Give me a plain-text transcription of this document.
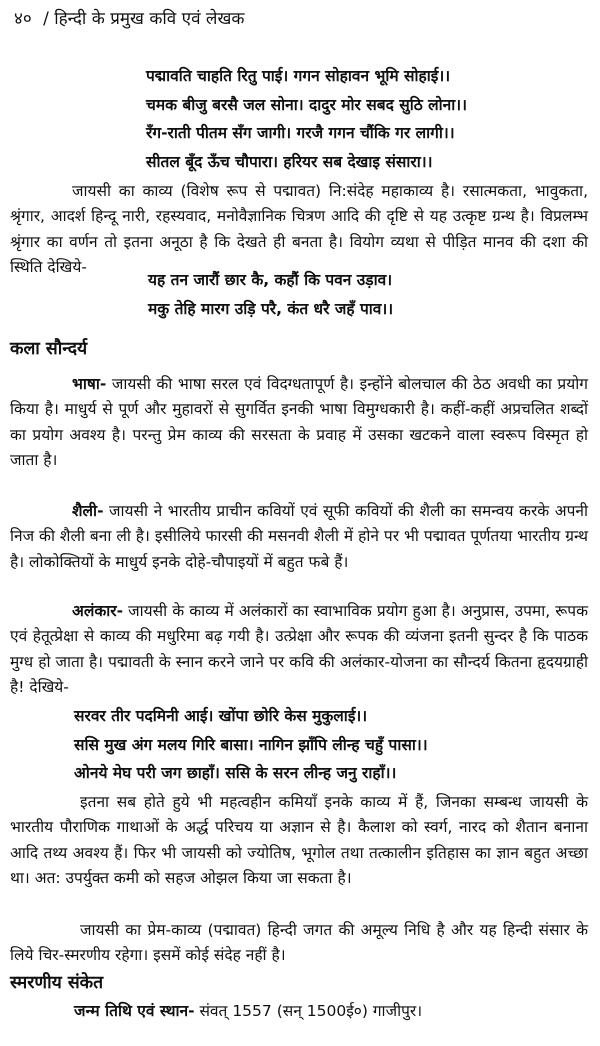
४० / हिन्दी के प्रमुख कवि एवं लेखक
पद्मावति चाहति रितु पाई। गगन सोहावन भूमि सोहाई।।
चमक बीजु बरसै जल सोना। दादुर मोर सबद सुठि लोना।।
रँग-राती पीतम सँग जागी। गरजै गगन चौंकि गर लागी।।
सीतल बूँद ऊँच चौपारा। हरियर सब देखाइ संसारा।।
जायसी का काव्य (विशेष रूप से पद्मावत) नि:संदेह महाकाव्य है। रसात्मकता, भावुकता, श्रृंगार, आदर्श हिन्दू नारी, रहस्यवाद, मनोवैज्ञानिक चित्रण आदि की दृष्टि से यह उत्कृष्ट ग्रन्थ है। विप्रलम्भ श्रृंगार का वर्णन तो इतना अनूठा है कि देखते ही बनता है। वियोग व्यथा से पीड़ित मानव की दशा की स्थिति देखिये-
यह तन जारौं छार कै, कहौं कि पवन उड़ाव।
मकु तेहि मारग उड़ि परै, कंत धरै जहँ पाव।।
कला सौन्दर्य
भाषा- जायसी की भाषा सरल एवं विदग्धतापूर्ण है। इन्होंने बोलचाल की ठेठ अवधी का प्रयोग किया है। माधुर्य से पूर्ण और मुहावरों से सुगर्वित इनकी भाषा विमुग्धकारी है। कहीं-कहीं अप्रचलित शब्दों का प्रयोग अवश्य है। परन्तु प्रेम काव्य की सरसता के प्रवाह में उसका खटकने वाला स्वरूप विस्मृत हो जाता है।
शैली- जायसी ने भारतीय प्राचीन कवियों एवं सूफी कवियों की शैली का समन्वय करके अपनी निज की शैली बना ली है। इसीलिये फारसी की मसनवी शैली में होने पर भी पद्मावत पूर्णतया भारतीय ग्रन्थ है। लोकोक्तियों के माधुर्य इनके दोहे-चौपाइयों में बहुत फबे हैं।
अलंकार- जायसी के काव्य में अलंकारों का स्वाभाविक प्रयोग हुआ है। अनुप्रास, उपमा, रूपक एवं हेतूत्प्रेक्षा से काव्य की मधुरिमा बढ़ गयी है। उत्प्रेक्षा और रूपक की व्यंजना इतनी सुन्दर है कि पाठक मुग्ध हो जाता है। पद्मावती के स्नान करने जाने पर कवि की अलंकार-योजना का सौन्दर्य कितना हृदयग्राही है! देखिये-
सरवर तीर पदमिनी आई। खोंपा छोरि केस मुकुलाई।।
ससि मुख अंग मलय गिरि बासा। नागिन झाँपि लीन्ह चहुँ पासा।।
ओनये मेघ परी जग छाहाँ। ससि के सरन लीन्ह जनु राहाँ।।
इतना सब होते हुये भी महत्वहीन कमियाँ इनके काव्य में हैं, जिनका सम्बन्ध जायसी के भारतीय पौराणिक गाथाओं के अर्द्ध परिचय या अज्ञान से है। कैलाश को स्वर्ग, नारद को शैतान बनाना आदि तथ्य अवश्य हैं। फिर भी जायसी को ज्योतिष, भूगोल तथा तत्कालीन इतिहास का ज्ञान बहुत अच्छा था। अत: उपर्युक्त कमी को सहज ओझल किया जा सकता है।
जायसी का प्रेम-काव्य (पद्मावत) हिन्दी जगत की अमूल्य निधि है और यह हिन्दी संसार के लिये चिर-स्मरणीय रहेगा। इसमें कोई संदेह नहीं है।
स्मरणीय संकेत
जन्म तिथि एवं स्थान- संवत् 1557 (सन् 1500ई०) गाजीपुर।
